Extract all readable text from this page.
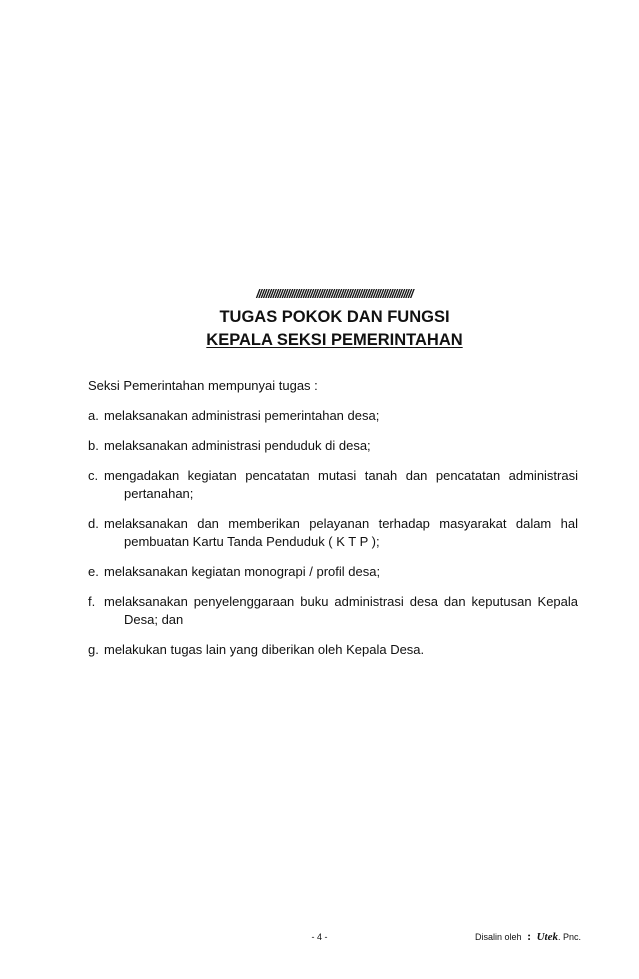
///////////////////////////////////////////////////////////////////
TUGAS POKOK DAN FUNGSI
KEPALA SEKSI PEMERINTAHAN
Seksi Pemerintahan mempunyai tugas :
a. melaksanakan administrasi pemerintahan desa;
b. melaksanakan administrasi penduduk di desa;
c. mengadakan kegiatan pencatatan mutasi tanah dan pencatatan administrasi pertanahan;
d. melaksanakan dan memberikan pelayanan terhadap masyarakat dalam hal pembuatan Kartu Tanda Penduduk ( K T P );
e. melaksanakan kegiatan monograpi / profil desa;
f. melaksanakan penyelenggaraan buku administrasi desa dan keputusan Kepala Desa; dan
g. melakukan tugas lain yang diberikan oleh Kepala Desa.
- 4 -	Disalin oleh : Utek. Pnc.
